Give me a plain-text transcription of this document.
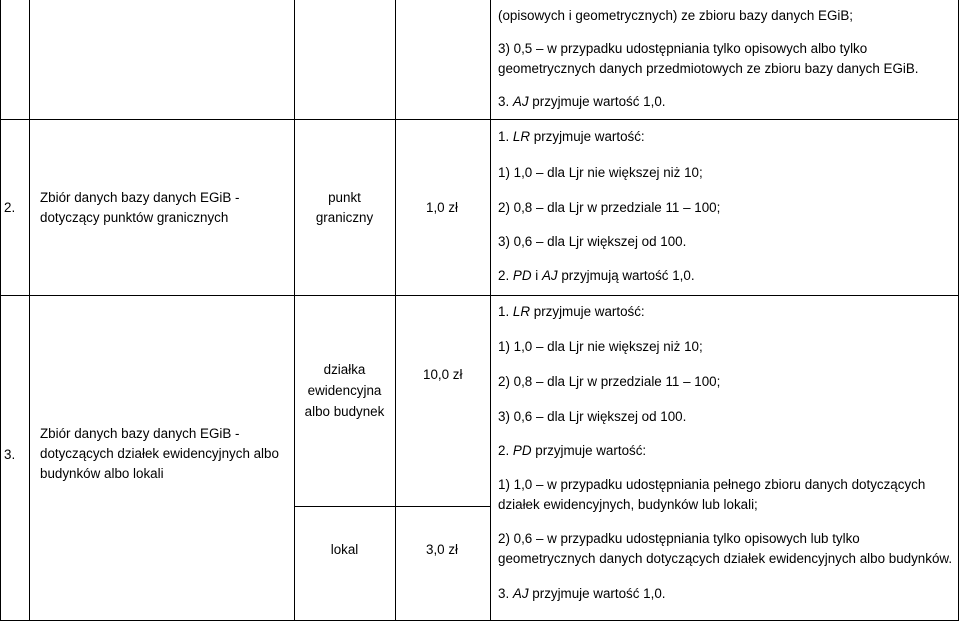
(opisowych i geometrycznych) ze zbioru bazy danych EGiB;
3) 0,5 – w przypadku udostępniania tylko opisowych albo tylko
geometrycznych danych przedmiotowych ze zbioru bazy danych EGiB.
3. AJ przyjmuje wartość 1,0.
2.
Zbiór danych bazy danych EGiB -
dotyczący punktów granicznych
punkt
graniczny
1,0 zł
1. LR przyjmuje wartość:
1) 1,0 – dla Ljr nie większej niż 10;
2) 0,8 – dla Ljr w przedziale 11 – 100;
3) 0,6 – dla Ljr większej od 100.
2. PD i AJ przyjmują wartość 1,0.
3.
Zbiór danych bazy danych EGiB -
dotyczących działek ewidencyjnych albo
budynków albo lokali
działka
ewidencyjna
albo budynek
10,0 zł
lokal	3,0 zł
1. LR przyjmuje wartość:
1) 1,0 – dla Ljr nie większej niż 10;
2) 0,8 – dla Ljr w przedziale 11 – 100;
3) 0,6 – dla Ljr większej od 100.
2. PD przyjmuje wartość:
1) 1,0 – w przypadku udostępniania pełnego zbioru danych dotyczących
działek ewidencyjnych, budynków lub lokali;
2) 0,6 – w przypadku udostępniania tylko opisowych lub tylko
geometrycznych danych dotyczących działek ewidencyjnych albo budynków.
3. AJ przyjmuje wartość 1,0.
